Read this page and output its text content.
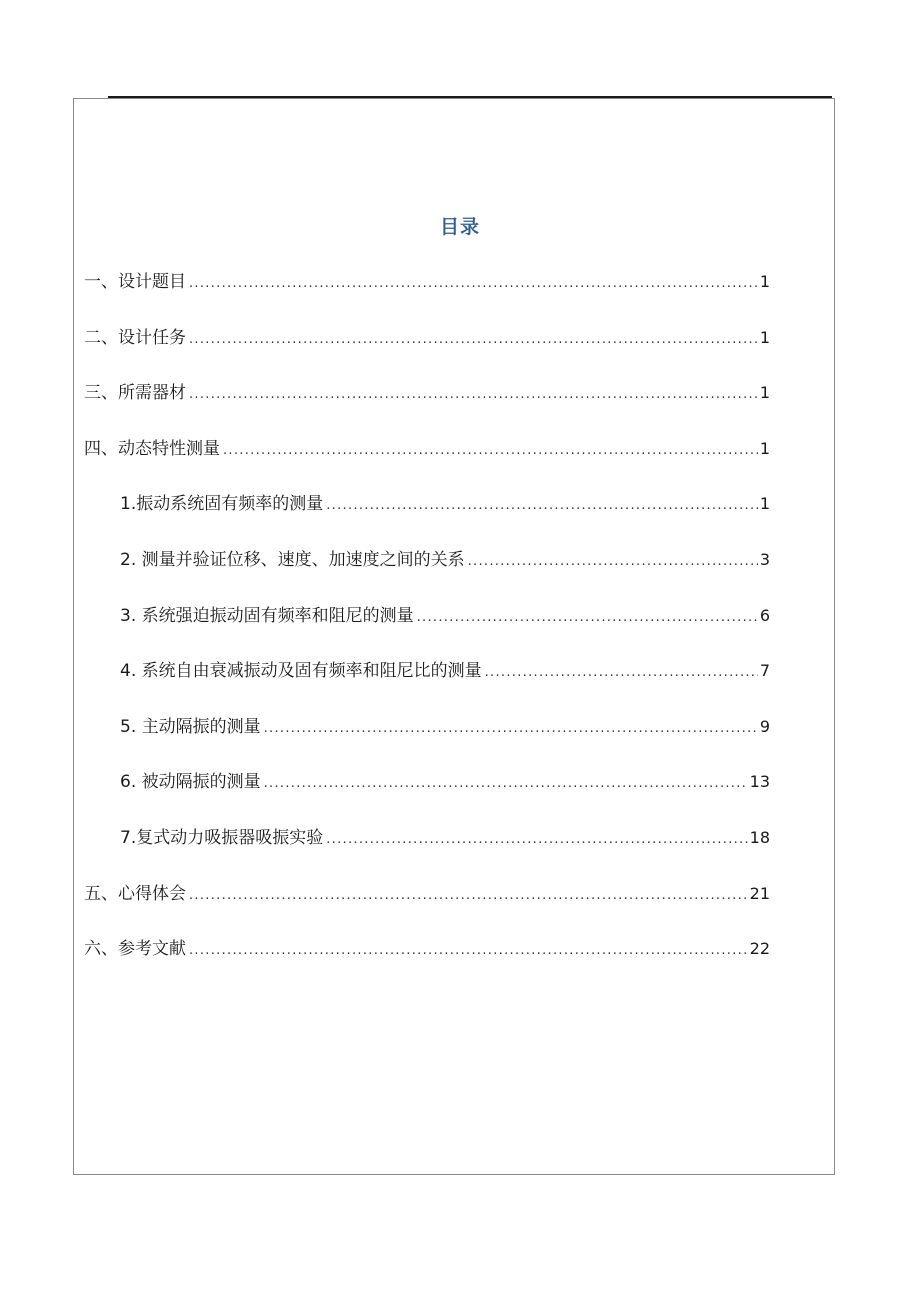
目录
一、设计题目 .....	1
二、设计任务 .....	1
三、所需器材 .....	1
四、动态特性测量 .....	1
1.振动系统固有频率的测量 .....	1
2. 测量并验证位移、速度、加速度之间的关系 .....	3
3. 系统强迫振动固有频率和阻尼的测量 .....	6
4. 系统自由衰减振动及固有频率和阻尼比的测量 .....	7
5. 主动隔振的测量 .....	9
6. 被动隔振的测量 .....	13
7.复式动力吸振器吸振实验 .....	18
五、心得体会 .....	21
六、参考文献 .....	22
